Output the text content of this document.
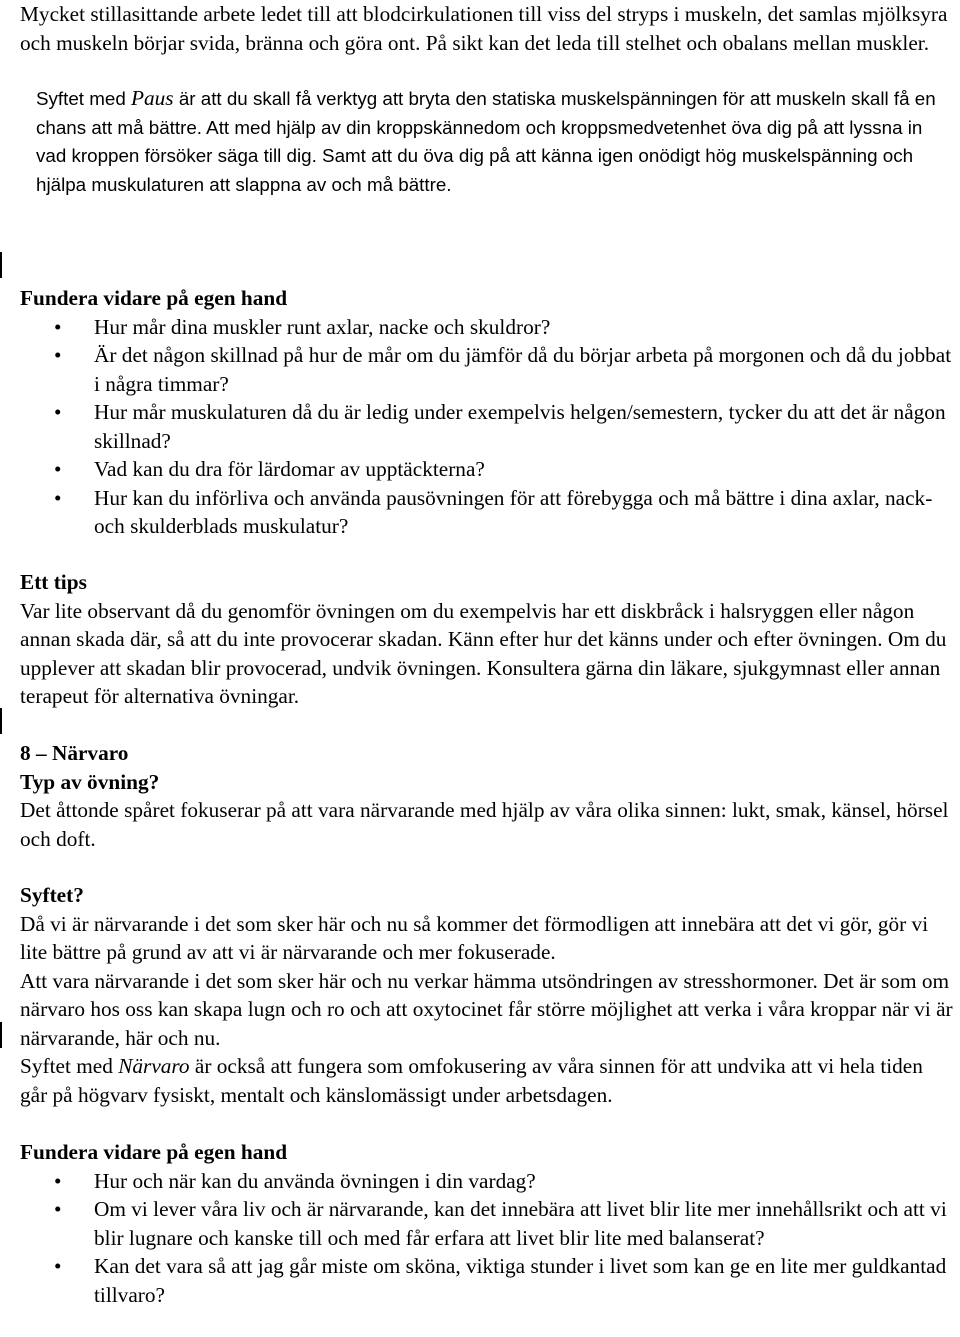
Mycket stillasittande arbete ledet till att blodcirkulationen till viss del stryps i muskeln, det samlas mjölksyra och muskeln börjar svida, bränna och göra ont. På sikt kan det leda till stelhet och obalans mellan muskler.

Syftet med Paus är att du skall få verktyg att bryta den statiska muskelspänningen för att muskeln skall få en chans att må bättre. Att med hjälp av din kroppskännedom och kroppsmedvetenhet öva dig på att lyssna in vad kroppen försöker säga till dig. Samt att du öva dig på att känna igen onödigt hög muskelspänning och hjälpa muskulaturen att slappna av och må bättre.

Fundera vidare på egen hand

• Hur mår dina muskler runt axlar, nacke och skuldror?
• Är det någon skillnad på hur de mår om du jämför då du börjar arbeta på morgonen och då du jobbat i några timmar?
• Hur mår muskulaturen då du är ledig under exempelvis helgen/semestern, tycker du att det är någon skillnad?
• Vad kan du dra för lärdomar av upptäckterna?
• Hur kan du införliva och använda pausövningen för att förebygga och må bättre i dina axlar, nack- och skulderblads muskulatur?

Ett tips

Var lite observant då du genomför övningen om du exempelvis har ett diskbråck i halsryggen eller någon annan skada där, så att du inte provocerar skadan. Känn efter hur det känns under och efter övningen. Om du upplever att skadan blir provocerad, undvik övningen. Konsultera gärna din läkare, sjukgymnast eller annan terapeut för alternativa övningar.

8 – Närvaro

Typ av övning?

Det åttonde spåret fokuserar på att vara närvarande med hjälp av våra olika sinnen: lukt, smak, känsel, hörsel och doft.

Syftet?

Då vi är närvarande i det som sker här och nu så kommer det förmodligen att innebära att det vi gör, gör vi lite bättre på grund av att vi är närvarande och mer fokuserade.

Att vara närvarande i det som sker här och nu verkar hämma utsöndringen av stresshormoner. Det är som om närvaro hos oss kan skapa lugn och ro och att oxytocinet får större möjlighet att verka i våra kroppar när vi är närvarande, här och nu.

Syftet med Närvaro är också att fungera som omfokusering av våra sinnen för att undvika att vi hela tiden går på högvarv fysiskt, mentalt och känslomässigt under arbetsdagen.

Fundera vidare på egen hand

• Hur och när kan du använda övningen i din vardag?
• Om vi lever våra liv och är närvarande, kan det innebära att livet blir lite mer innehållsrikt och att vi blir lugnare och kanske till och med får erfara att livet blir lite med balanserat?
• Kan det vara så att jag går miste om sköna, viktiga stunder i livet som kan ge en lite mer guldkantad tillvaro?
